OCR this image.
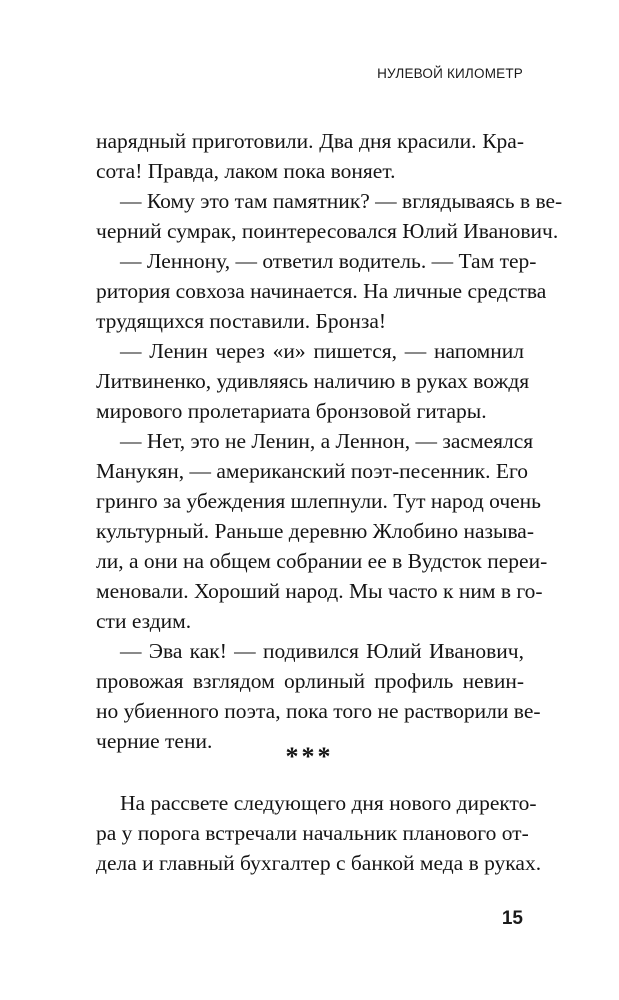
НУЛЕВОЙ КИЛОМЕТР
нарядный приготовили. Два дня красили. Кра-
сота! Правда, лаком пока воняет.
— Кому это там памятник? — вглядываясь в ве-
черний сумрак, поинтересовался Юлий Иванович.
— Леннону, — ответил водитель. — Там тер-
ритория совхоза начинается. На личные средства
трудящихся поставили. Бронза!
— Ленин через «и» пишется, — напомнил
Литвиненко, удивляясь наличию в руках вождя
мирового пролетариата бронзовой гитары.
— Нет, это не Ленин, а Леннон, — засмеялся
Манукян, — американский поэт-песенник. Его
гринго за убеждения шлепнули. Тут народ очень
культурный. Раньше деревню Жлобино называ-
ли, а они на общем собрании ее в Вудсток переи-
меновали. Хороший народ. Мы часто к ним в го-
сти ездим.
— Эва как! — подивился Юлий Иванович,
провожая взглядом орлиный профиль невин-
но убиенного поэта, пока того не растворили ве-
черние тени.
***
На рассвете следующего дня нового директо-
ра у порога встречали начальник планового от-
дела и главный бухгалтер с банкой меда в руках.
15
